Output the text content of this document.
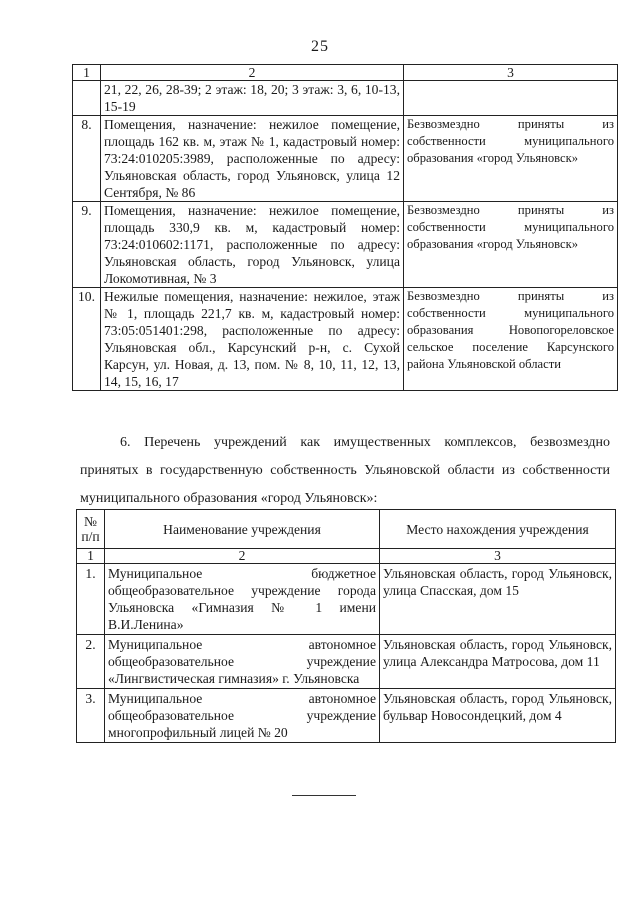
25
1	2	3
	21, 22, 26, 28-39; 2 этаж: 18, 20; 3 этаж: 3, 6, 10-13, 15-19	
8.	Помещения, назначение: нежилое помещение, площадь 162 кв. м, этаж № 1, кадастровый номер: 73:24:010205:3989, расположенные по адресу: Ульяновская область, город Ульяновск, улица 12 Сентября, № 86	Безвозмездно приняты из собственности муниципального образования «город Ульяновск»
9.	Помещения, назначение: нежилое помещение, площадь 330,9 кв. м, кадастровый номер: 73:24:010602:1171, расположенные по адресу: Ульяновская область, город Ульяновск, улица Локомотивная, № 3	Безвозмездно приняты из собственности муниципального образования «город Ульяновск»
10.	Нежилые помещения, назначение: нежилое, этаж № 1, площадь 221,7 кв. м, кадастровый номер: 73:05:051401:298, расположенные по адресу: Ульяновская обл., Карсунский р-н, с. Сухой Карсун, ул. Новая, д. 13, пом. № 8, 10, 11, 12, 13, 14, 15, 16, 17	Безвозмездно приняты из собственности муниципального образования Новопогореловское сельское поселение Карсунского района Ульяновской области

6. Перечень учреждений как имущественных комплексов, безвозмездно принятых в государственную собственность Ульяновской области из собственности муниципального образования «город Ульяновск»:

№ п/п	Наименование учреждения	Место нахождения учреждения
1	2	3
1.	Муниципальное бюджетное общеобразовательное учреждение города Ульяновска «Гимназия № 1 имени В.И.Ленина»	Ульяновская область, город Ульяновск, улица Спасская, дом 15
2.	Муниципальное автономное общеобразовательное учреждение «Лингвистическая гимназия» г. Ульяновска	Ульяновская область, город Ульяновск, улица Александра Матросова, дом 11
3.	Муниципальное автономное общеобразовательное учреждение многопрофильный лицей № 20	Ульяновская область, город Ульяновск, бульвар Новосондецкий, дом 4
